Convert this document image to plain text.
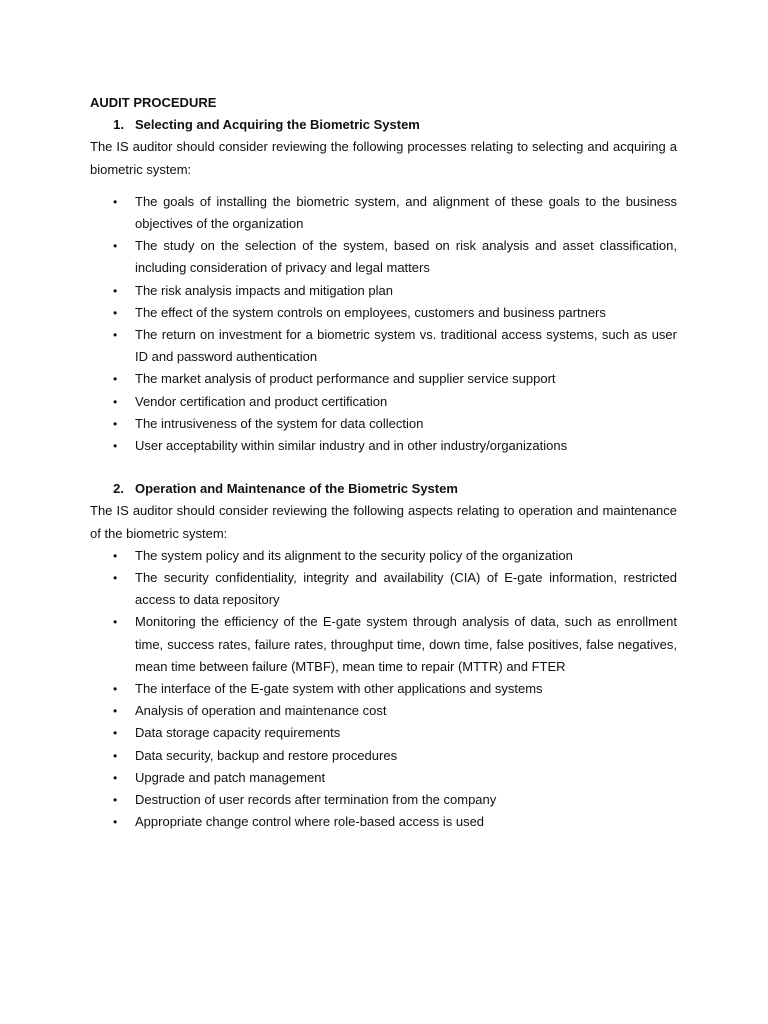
AUDIT PROCEDURE

1. Selecting and Acquiring the Biometric System

The IS auditor should consider reviewing the following processes relating to selecting and acquiring a biometric system:

•	The goals of installing the biometric system, and alignment of these goals to the business objectives of the organization
•	The study on the selection of the system, based on risk analysis and asset classification, including consideration of privacy and legal matters
•	The risk analysis impacts and mitigation plan
•	The effect of the system controls on employees, customers and business partners
•	The return on investment for a biometric system vs. traditional access systems, such as user ID and password authentication
•	The market analysis of product performance and supplier service support
•	Vendor certification and product certification
•	The intrusiveness of the system for data collection
•	User acceptability within similar industry and in other industry/organizations

2. Operation and Maintenance of the Biometric System

The IS auditor should consider reviewing the following aspects relating to operation and maintenance of the biometric system:

•	The system policy and its alignment to the security policy of the organization
•	The security confidentiality, integrity and availability (CIA) of E-gate information, restricted access to data repository
•	Monitoring the efficiency of the E-gate system through analysis of data, such as enrollment time, success rates, failure rates, throughput time, down time, false positives, false negatives, mean time between failure (MTBF), mean time to repair (MTTR) and FTER
•	The interface of the E-gate system with other applications and systems
•	Analysis of operation and maintenance cost
•	Data storage capacity requirements
•	Data security, backup and restore procedures
•	Upgrade and patch management
•	Destruction of user records after termination from the company
•	Appropriate change control where role-based access is used
